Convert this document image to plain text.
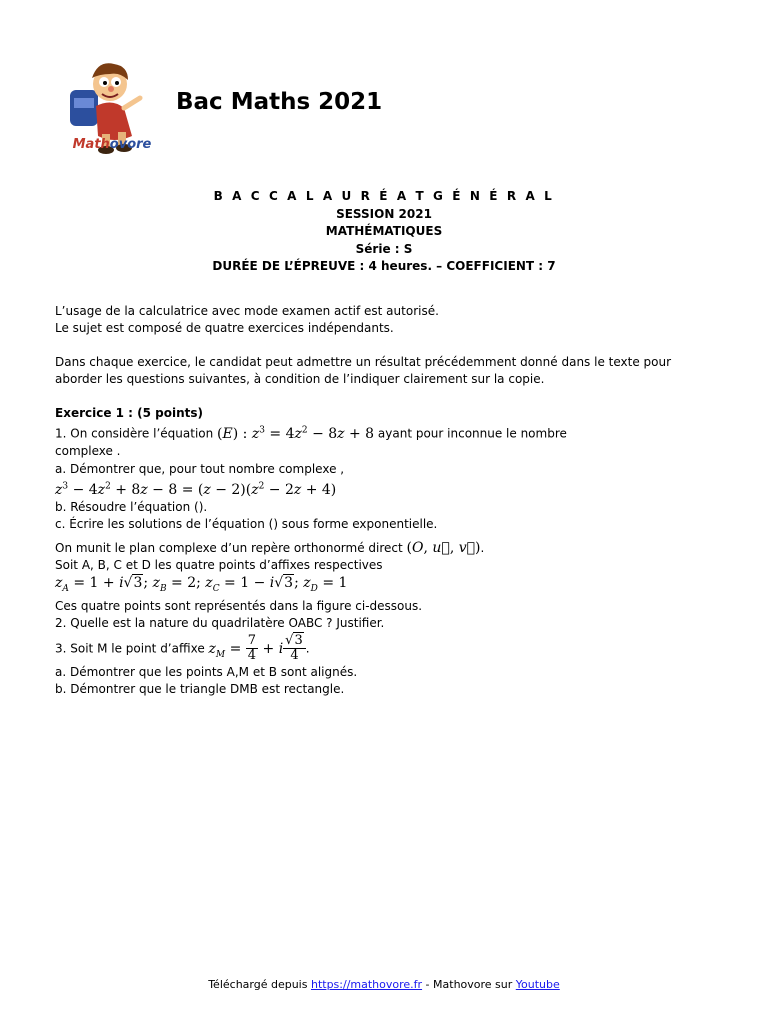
Mathovore
Bac Maths 2021
B A C C A L A U R É A T G É N É R A L
SESSION 2021
MATHÉMATIQUES
Série : S
DURÉE DE L’ÉPREUVE : 4 heures. – COEFFICIENT : 7

L’usage de la calculatrice avec mode examen actif est autorisé.

Le sujet est composé de quatre exercices indépendants.

Dans chaque exercice, le candidat peut admettre un résultat précédemment donné dans le texte pour

aborder les questions suivantes, à condition de l’indiquer clairement sur la copie.

Exercice 1 : (5 points)

1. On considère l’équation (E) : $z^3 = 4z^2 - 8z + 8$ ayant pour inconnue le nombre

complexe .

a. Démontrer que, pour tout nombre complexe ,

$z^3 - 4z^2 + 8z - 8 = (z - 2)(z^2 - 2z + 4)$

b. Résoudre l’équation ().

c. Écrire les solutions de l’équation () sous forme exponentielle.

On munit le plan complexe d’un repère orthonormé direct (O, u⃗, v⃗).

Soit A, B, C et D les quatre points d’affixes respectives

$z_A = 1 + i√3$; $z_B = 2$; $z_C = 1 - i√3$; $z_D = 1$

Ces quatre points sont représentés dans la figure ci-dessous.

2. Quelle est la nature du quadrilatère OABC ? Justifier.

3. Soit M le point d’affixe $z_M = \frac{7}{4} + i \frac{√3}{4}$ .

a. Démontrer que les points A,M et B sont alignés.

b. Démontrer que le triangle DMB est rectangle.

Téléchargé depuis https://mathovore.fr - Mathovore sur Youtube
